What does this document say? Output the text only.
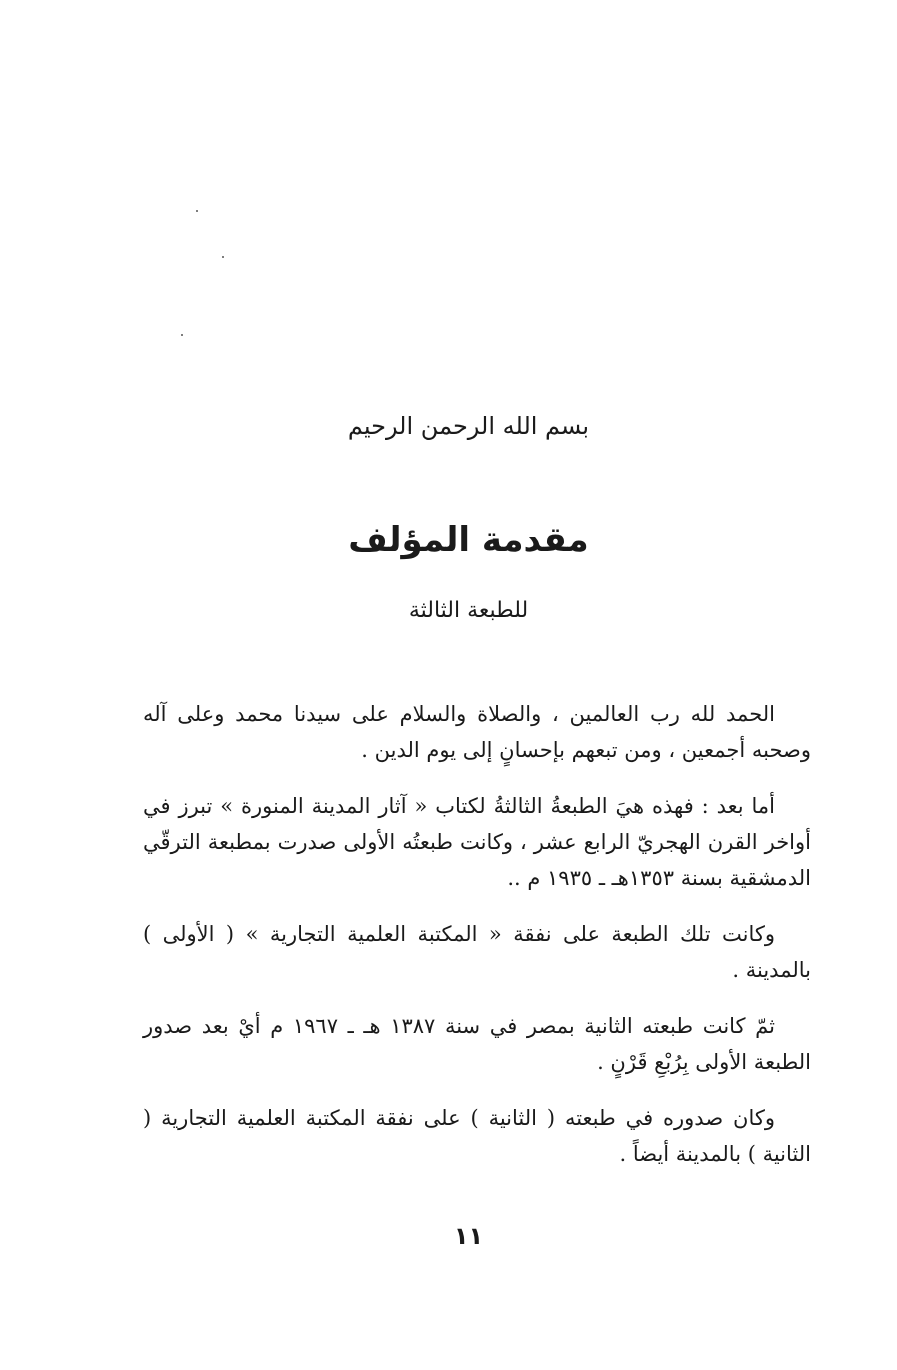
بسم الله الرحمن الرحيم
مقدمة المؤلف
للطبعة الثالثة

الحمد لله رب العالمين ، والصلاة والسلام على سيدنا محمد وعلى آله وصحبه أجمعين ، ومن تبعهم بإحسانٍ إلى يوم الدين .

أما بعد : فهذه هيَ الطبعةُ الثالثةُ لكتاب « آثار المدينة المنورة » تبرز في أواخر القرن الهجريّ الرابع عشر ، وكانت طبعتُه الأولى صدرت بمطبعة الترقّي الدمشقية بسنة ١٣٥٣هـ ـ ١٩٣٥ م ..

وكانت تلك الطبعة على نفقة « المكتبة العلمية التجارية » ( الأولى ) بالمدينة .

ثمّ كانت طبعته الثانية بمصر في سنة ١٣٨٧ هـ ـ ١٩٦٧ م أيْ بعد صدور الطبعة الأولى بِرُبْعِ قَرْنٍ .

وكان صدوره في طبعته ( الثانية ) على نفقة المكتبة العلمية التجارية ( الثانية ) بالمدينة أيضاً .

١١
